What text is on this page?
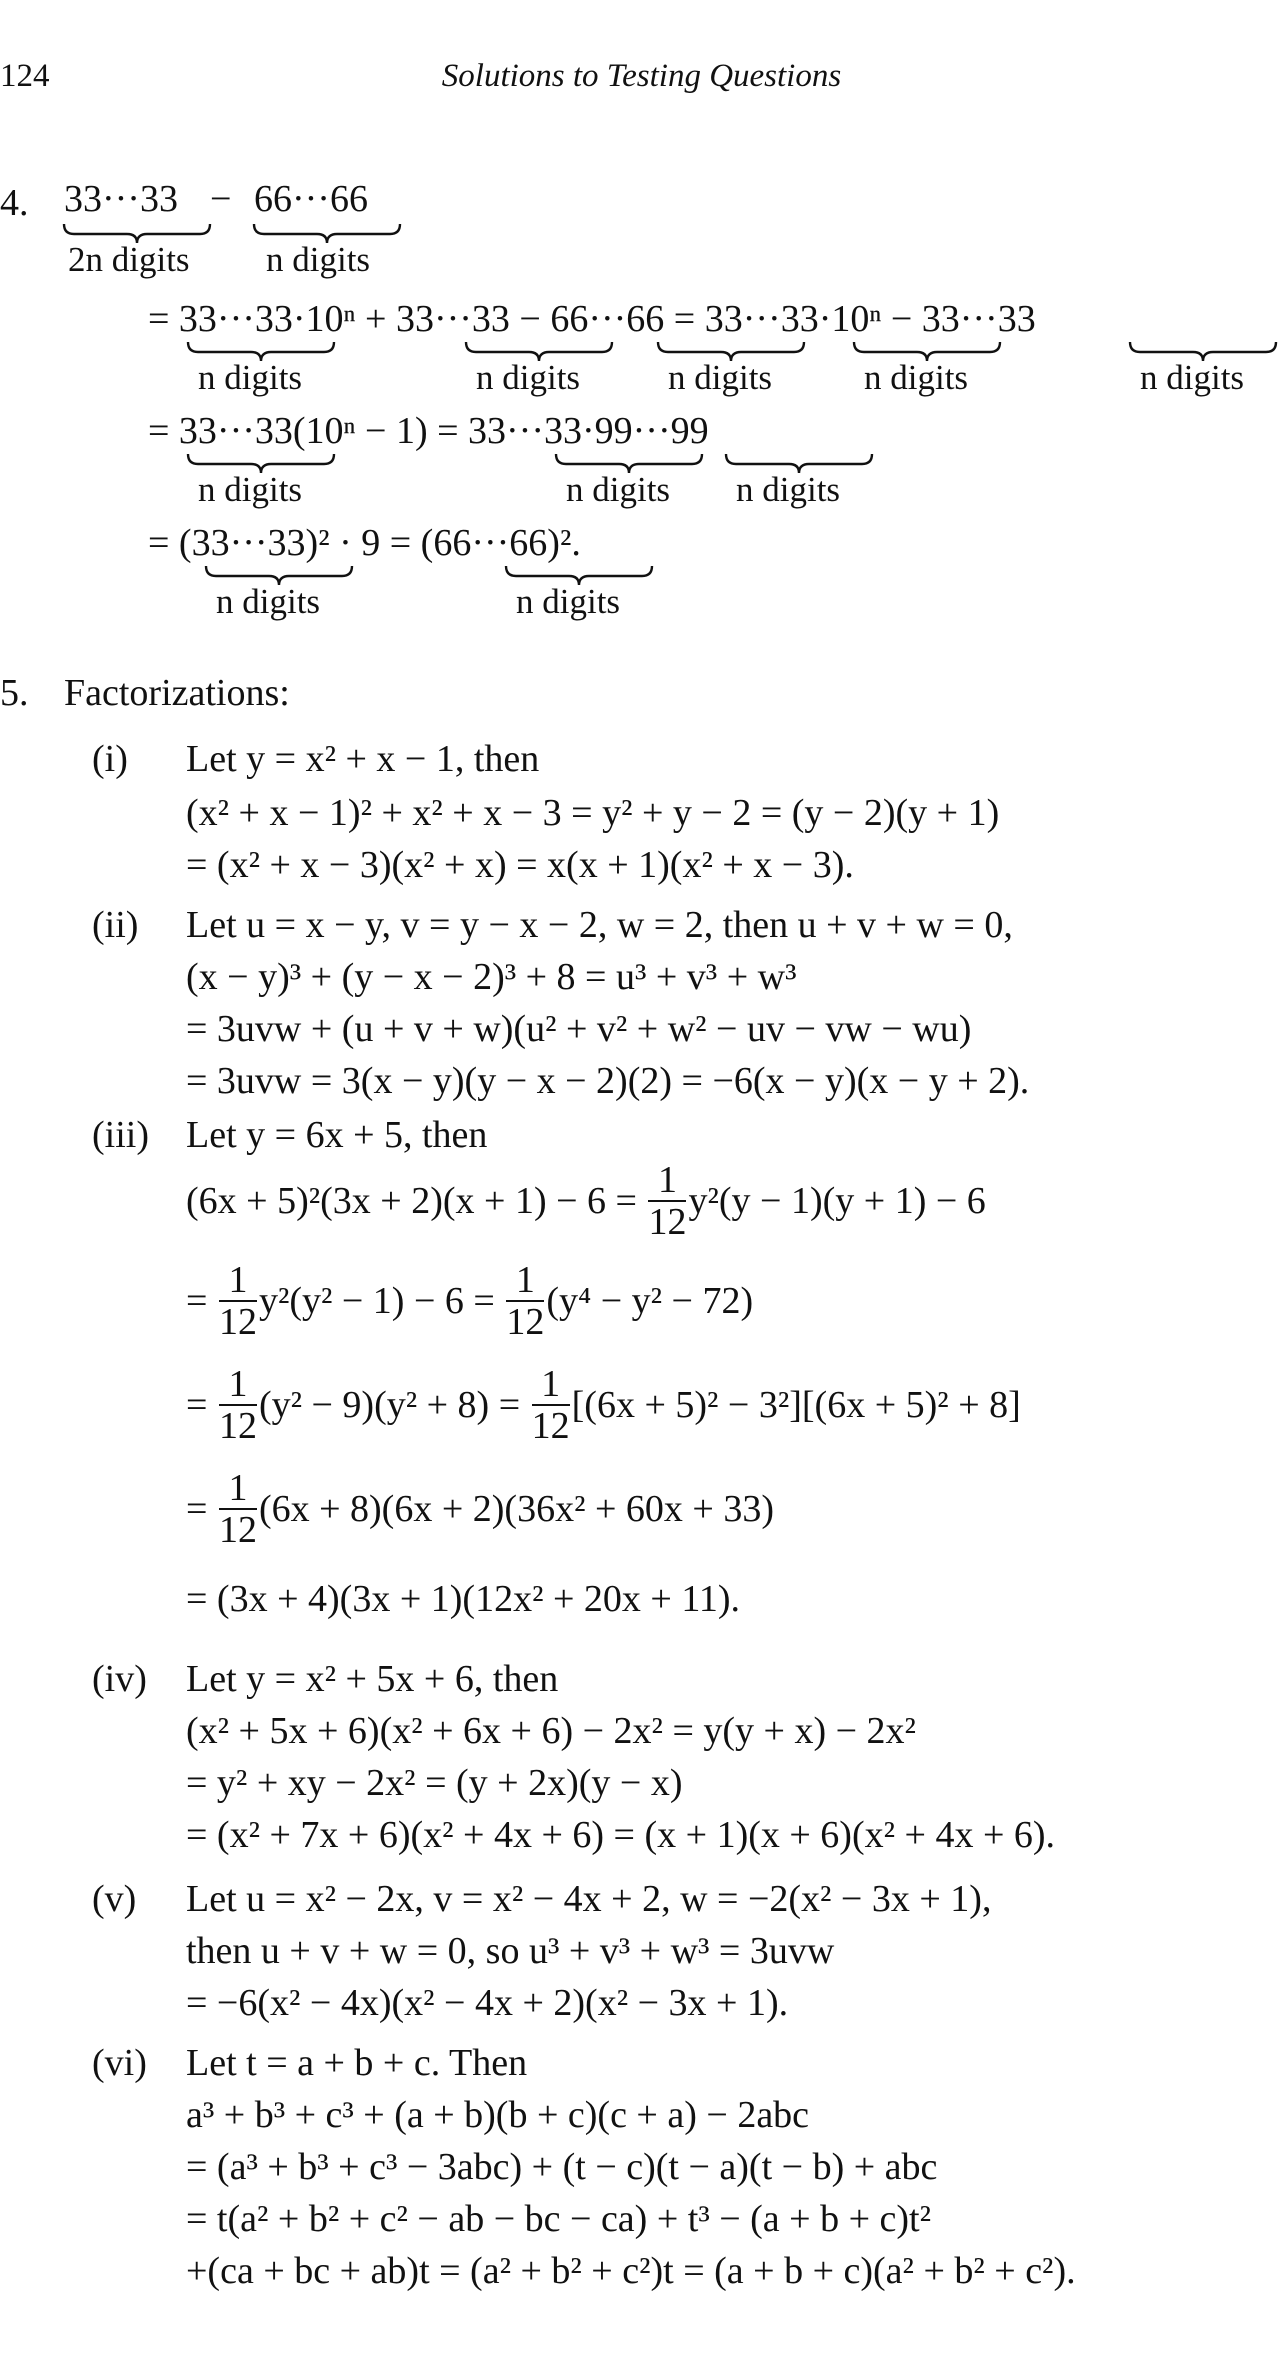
124	Solutions to Testing Questions
4. 33···33 − 66···66
2n digits n digits
= 33···33·10ⁿ + 33···33 − 66···66 = 33···33·10ⁿ − 33···33
n digits	n digits	n digits	n digits	n digits
= 33···33(10ⁿ − 1) = 33···33·99···99
n digits	n digits n digits
= (33···33)² · 9 = (66···66)².
n digits	n digits
5. Factorizations:
(i) Let y = x² + x − 1, then
(x² + x − 1)² + x² + x − 3 = y² + y − 2 = (y − 2)(y + 1)
= (x² + x − 3)(x² + x) = x(x + 1)(x² + x − 3).
(ii) Let u = x − y, v = y − x − 2, w = 2, then u + v + w = 0,
(x − y)³ + (y − x − 2)³ + 8 = u³ + v³ + w³
= 3uvw + (u + v + w)(u² + v² + w² − uv − vw − wu)
= 3uvw = 3(x − y)(y − x − 2)(2) = −6(x − y)(x − y + 2).
(iii) Let y = 6x + 5, then
$(6x + 5)^2(3x + 2)(x + 1) - 6 = \frac{1}{12} y^2(y - 1)(y + 1) - 6$
= $\frac{1}{12} y^2(y^2 - 1) - 6 = \frac{1}{12} (y^4 - y^2 - 72)$
= $\frac{1}{12} (y^2 - 9)(y^2 + 8) = \frac{1}{12} [(6x + 5)^2 - 3^2][(6x + 5)^2 + 8]$
= $\frac{1}{12} (6x + 8)(6x + 2)(36x^2 + 60x + 33)$
= (3x + 4)(3x + 1)(12x² + 20x + 11).
(iv) Let y = x² + 5x + 6, then
(x² + 5x + 6)(x² + 6x + 6) − 2x² = y(y + x) − 2x²
= y² + xy − 2x² = (y + 2x)(y − x)
= (x² + 7x + 6)(x² + 4x + 6) = (x + 1)(x + 6)(x² + 4x + 6).
(v) Let u = x² − 2x, v = x² − 4x + 2, w = −2(x² − 3x + 1),
then u + v + w = 0, so u³ + v³ + w³ = 3uvw
= −6(x² − 4x)(x² − 4x + 2)(x² − 3x + 1).
(vi) Let t = a + b + c. Then
a³ + b³ + c³ + (a + b)(b + c)(c + a) − 2abc
= (a³ + b³ + c³ − 3abc) + (t − c)(t − a)(t − b) + abc
= t(a² + b² + c² − ab − bc − ca) + t³ − (a + b + c)t²
+(ca + bc + ab)t = (a² + b² + c²)t = (a + b + c)(a² + b² + c²).
